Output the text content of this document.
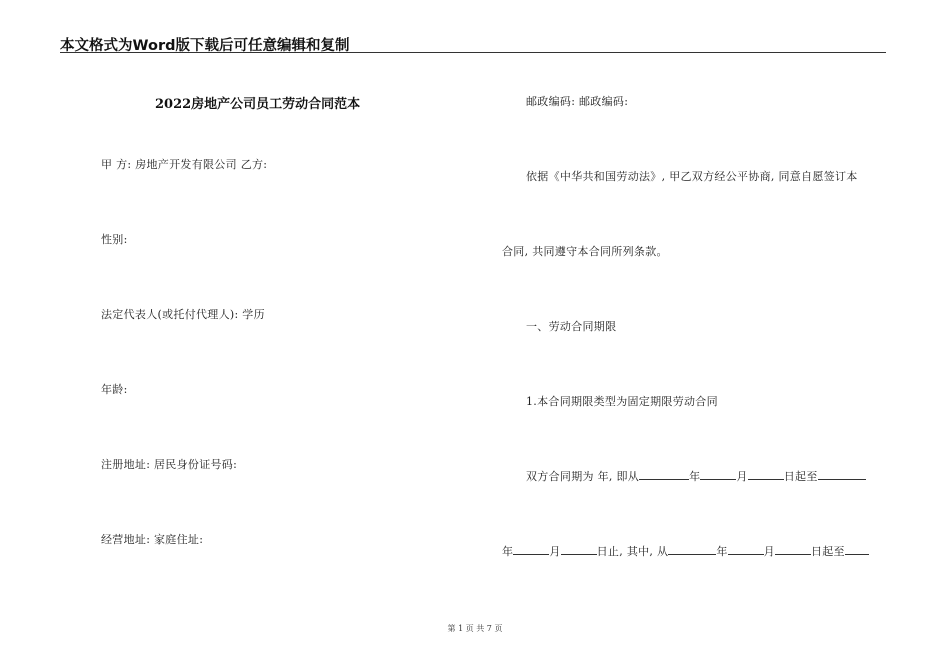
本文格式为Word版下载后可任意编辑和复制
2022房地产公司员工劳动合同范本
甲 方: 房地产开发有限公司 乙方:
性别:
法定代表人(或托付代理人): 学历
年龄:
注册地址: 居民身份证号码:
经营地址: 家庭住址:
邮政编码: 邮政编码:
依据《中华共和国劳动法》, 甲乙双方经公平协商, 同意自愿签订本
合同, 共同遵守本合同所列条款。
一、劳动合同期限
1.本合同期限类型为固定期限劳动合同
双方合同期为 年, 即从	年	月	日起至
年	月	日止, 其中, 从	年	月	日起至
第 1 页 共 7 页
